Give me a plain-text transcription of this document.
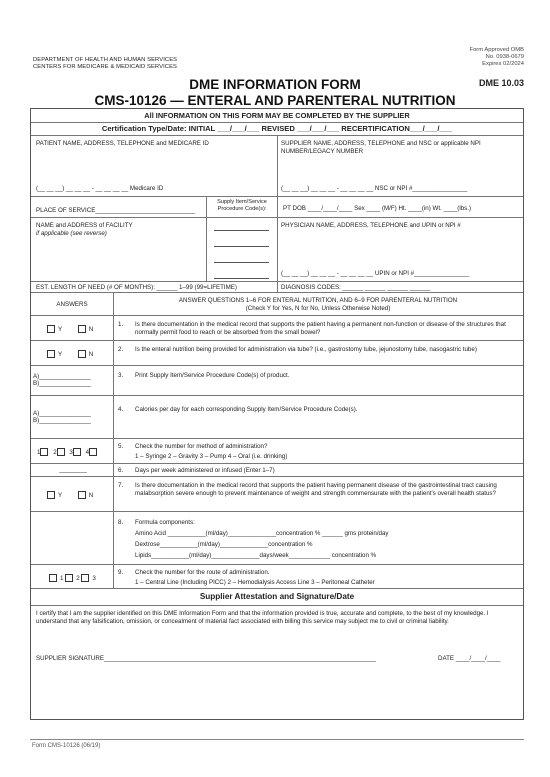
Form Approved OMB
No. 0938-0679
Expires 02/2024
DEPARTMENT OF HEALTH AND HUMAN SERVICES
CENTERS FOR MEDICARE & MEDICAID SERVICES
DME 10.03
DME INFORMATION FORM
CMS-10126 — ENTERAL AND PARENTERAL NUTRITION
All INFORMATION ON THIS FORM MAY BE COMPLETED BY THE SUPPLIER
Certification Type/Date: INITIAL ___/___/___ REVISED ___/___/___ RECERTIFICATION___/___/___
PATIENT NAME, ADDRESS, TELEPHONE and MEDICARE ID
(__ __ __) __ __ __ - __ __ __ __ Medicare ID
SUPPLIER NAME, ADDRESS, TELEPHONE and NSC or applicable NPI NUMBER/LEGACY NUMBER
(__ __ __) __ __ __ - __ __ __ __ NSC or NPI #________________
PLACE OF SERVICE_____________________________
Supply Item/Service Procedure Code(s):	PT DOB ____/____/____ Sex ____ (M/F) Ht. ____(in) Wt. ____(lbs.)
NAME and ADDRESS of FACILITY
if applicable (see reverse)
PHYSICIAN NAME, ADDRESS, TELEPHONE and UPIN or NPI #
(__ __ __) __ __ __ - __ __ __ __ UPIN or NPI #________________
EST. LENGTH OF NEED (# OF MONTHS): ______ 1–99 (99=LIFETIME)	DIAGNOSIS CODES: ______ ______ ______ ______
ANSWERS
ANSWER QUESTIONS 1–6 FOR ENTERAL NUTRITION, AND 6–9 FOR PARENTERAL NUTRITION
(Check Y for Yes, N for No, Unless Otherwise Noted)
Y	N
1. Is there documentation in the medical record that supports the patient having a permanent non-function or disease of the structures that normally permit food to reach or be absorbed from the small bowel?
Y	N
2. Is the enteral nutrition being provided for administration via tube? (i.e., gastrostomy tube, jejunostomy tube, nasogastric tube)
A)_______________
B)_______________
3. Print Supply Item/Service Procedure Code(s) of product.
A)_______________
B)_______________
4. Calories per day for each corresponding Supply Item/Service Procedure Code(s).
1 2 3 4
5. Check the number for method of administration?
1 – Syringe 2 – Gravity 3 – Pump 4 – Oral (i.e. drinking)
________	6. Days per week administered or infused (Enter 1–7)
Y	N
7. Is there documentation in the medical record that supports the patient having permanent disease of the gastrointestinal tract causing malabsorption severe enough to prevent maintenance of weight and strength commensurate with the patient's overall health status?
8. Formula components:
Amino Acid ___________(ml/day)______________concentration % ______ gms protein/day
Dextrose___________(ml/day)______________concentration %
Lipids___________(ml/day)______________days/week____________ concentration %
1 2 3
9. Check the number for the route of administration.
1 – Central Line (Including PICC) 2 – Hemodialysis Access Line 3 – Peritoneal Catheter
Supplier Attestation and Signature/Date
I certify that I am the supplier identified on this DME Information Form and that the information provided is true, accurate and complete, to the best of my knowledge. I understand that any falsification, omission, or concealment of material fact associated with billing this service may subject me to civil or criminal liability.
SUPPLIER SIGNATURE_______________________________________________________________________________	DATE ____/____/____
Form CMS-10126 (06/19)
